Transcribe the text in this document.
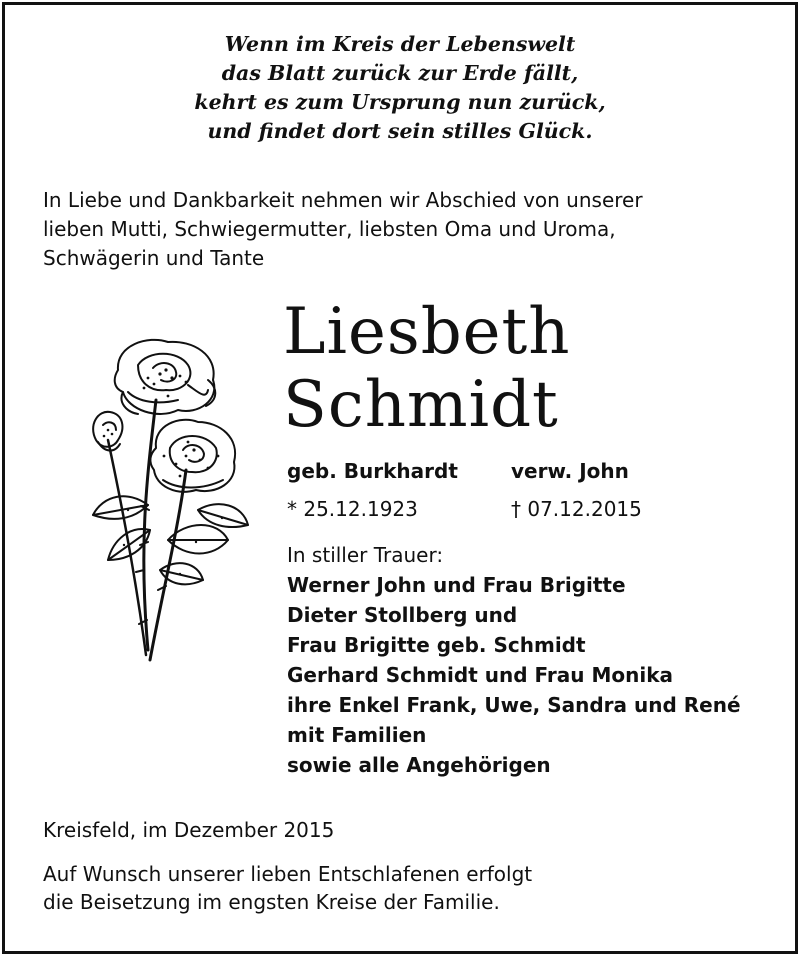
Wenn im Kreis der Lebenswelt
das Blatt zurück zur Erde fällt,
kehrt es zum Ursprung nun zurück,
und findet dort sein stilles Glück.
In Liebe und Dankbarkeit nehmen wir Abschied von unserer
lieben Mutti, Schwiegermutter, liebsten Oma und Uroma,
Schwägerin und Tante
Liesbeth
Schmidt
geb. Burkhardt	verw. John
* 25.12.1923	† 07.12.2015
In stiller Trauer:
Werner John und Frau Brigitte
Dieter Stollberg und
Frau Brigitte geb. Schmidt
Gerhard Schmidt und Frau Monika
ihre Enkel Frank, Uwe, Sandra und René
mit Familien
sowie alle Angehörigen
Kreisfeld, im Dezember 2015
Auf Wunsch unserer lieben Entschlafenen erfolgt
die Beisetzung im engsten Kreise der Familie.
